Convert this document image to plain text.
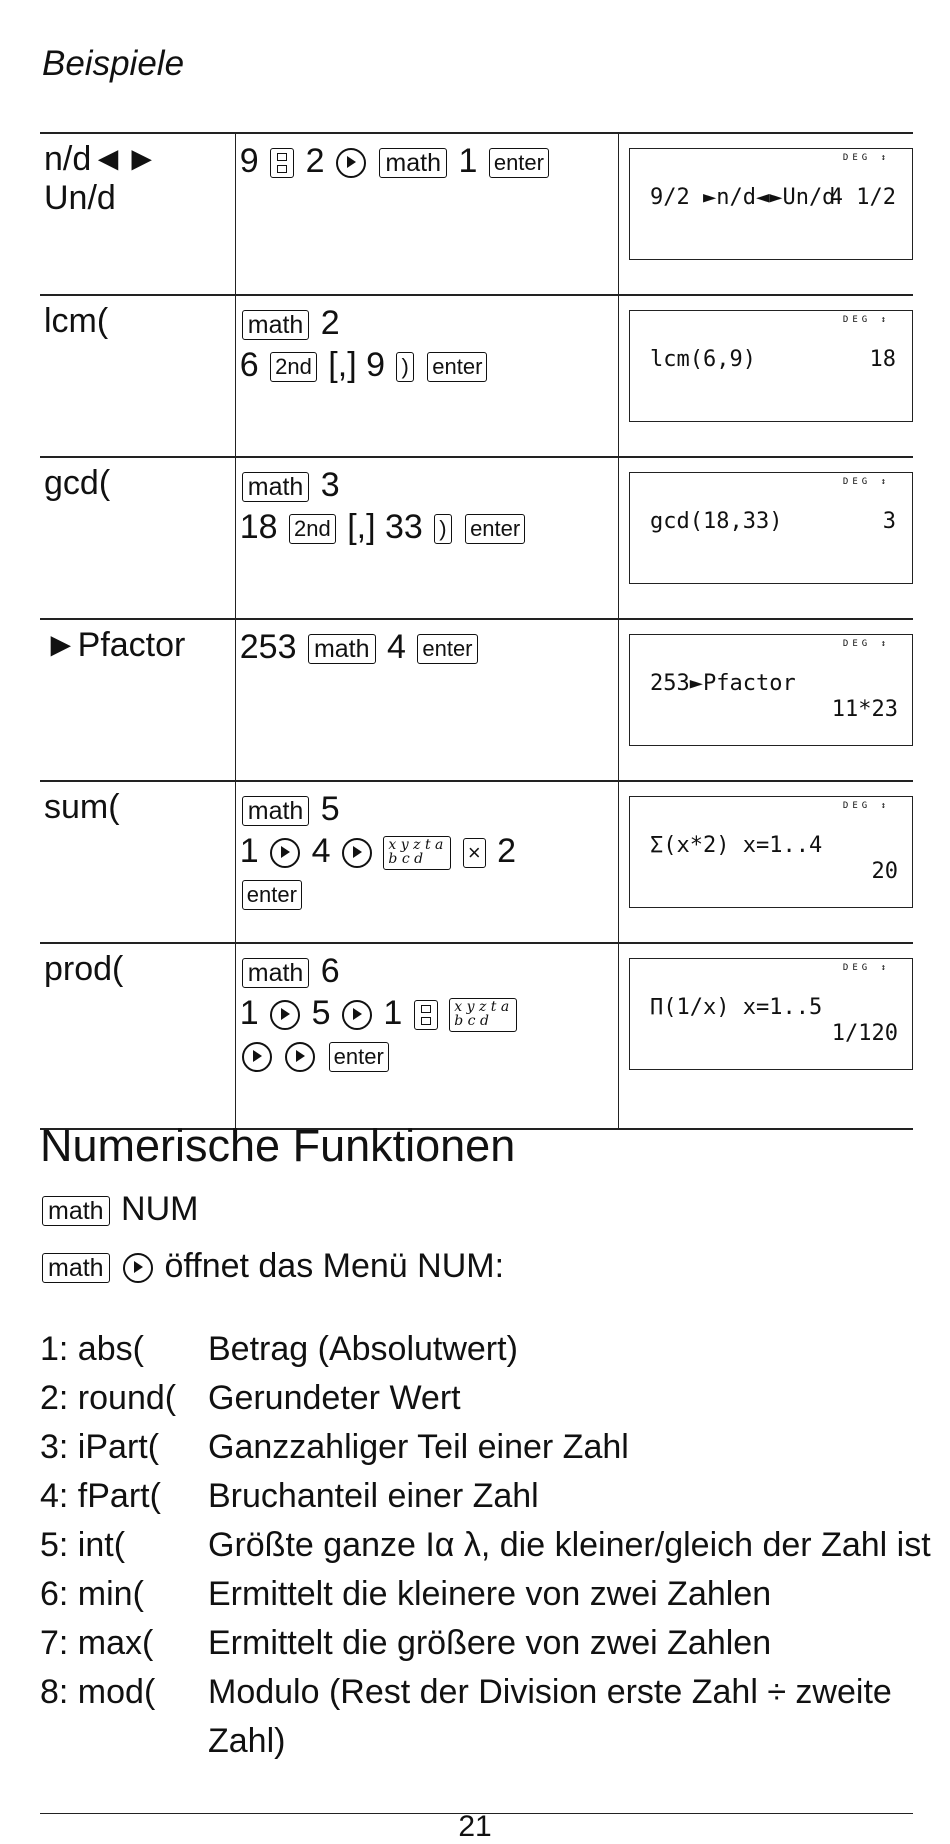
Beispiele
n/d◄► Un/d	9 2 math 1 enter	DEG ↕
9/2 ►n/d◄►Un/d
4 1/2

lcm(	math 2
6 2nd [,] 9 ) enter	DEG ↕
lcm(6,9) 18

gcd(	math 3
18 2nd [,] 33 ) enter	DEG ↕
gcd(18,33) 3

►Pfactor	253 math 4 enter	DEG ↕
253►Pfactor
11*23

sum(	math 5
1 4 x y z t a b c d × 2
enter	DEG ↕
Σ(x*2) x=1..4
20

prod(	math 6
1 5 1 x y z t a b c d
enter	DEG ↕
Π(1/x) x=1..5
1/120
Numerische Funktionen
math NUM
math öffnet das Menü NUM:
1: abs(	Betrag (Absolutwert)
2: round( Gerundeter Wert
3: iPart(	Ganzzahliger Teil einer Zahl
4: fPart(	Bruchanteil einer Zahl
5: int(	Größte ganze Iα λ, die kleiner/gleich der Zahl ist
6: min(	Ermittelt die kleinere von zwei Zahlen
7: max(	Ermittelt die größere von zwei Zahlen
8: mod(	Modulo (Rest der Division erste Zahl ÷ zweite Zahl)
21
